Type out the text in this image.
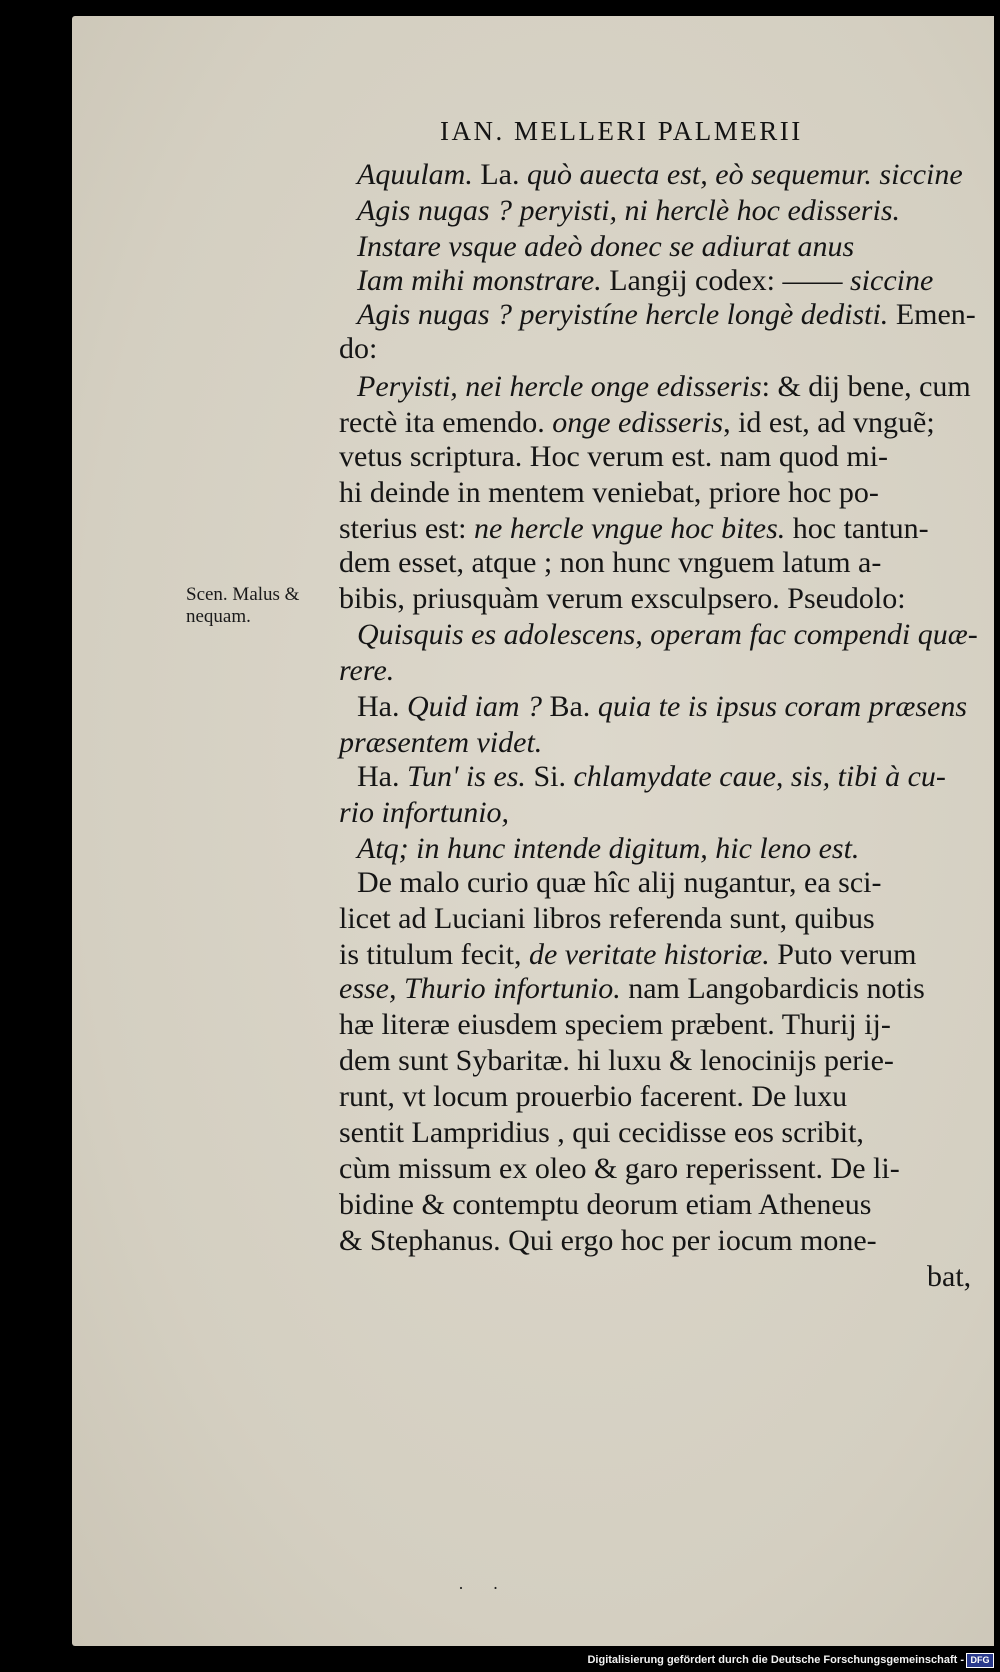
IAN. MELLERI PALMERII
Scen. Malus &
nequam.
Aquulam. La. quò auecta est, eò sequemur. siccine
Agis nugas ? peryisti, ni herclè hoc edisseris.
Instare vsque adeò donec se adiurat anus
Iam mihi monstrare. Langij codex: —— siccine
Agis nugas ? peryistíne hercle longè dedisti. Emen-
do:
Peryisti, nei hercle onge edisseris: & dij bene, cum
rectè ita emendo. onge edisseris, id est, ad vnguẽ;
vetus scriptura. Hoc verum est. nam quod mi-
hi deinde in mentem veniebat, priore hoc po-
sterius est: ne hercle vngue hoc bites. hoc tantun-
dem esset, atque ; non hunc vnguem latum a-
bibis, priusquàm verum exsculpsero. Pseudolo:
Quisquis es adolescens, operam fac compendi quæ-
rere.
Ha. Quid iam ? Ba. quia te is ipsus coram præsens
præsentem videt.
Ha. Tun' is es. Si. chlamydate caue, sis, tibi à cu-
rio infortunio,
Atq; in hunc intende digitum, hic leno est.
De malo curio quæ hîc alij nugantur, ea sci-
licet ad Luciani libros referenda sunt, quibus
is titulum fecit, de veritate historiæ. Puto verum
esse, Thurio infortunio. nam Langobardicis notis
hæ literæ eiusdem speciem præbent. Thurij ij-
dem sunt Sybaritæ. hi luxu & lenocinijs perie-
runt, vt locum prouerbio facerent. De luxu
sentit Lampridius , qui cecidisse eos scribit,
cùm missum ex oleo & garo reperissent. De li-
bidine & contemptu deorum etiam Atheneus
& Stephanus. Qui ergo hoc per iocum mone-
bat,
· ·
Digitalisierung gefördert durch die Deutsche Forschungsgemeinschaft - DFG
